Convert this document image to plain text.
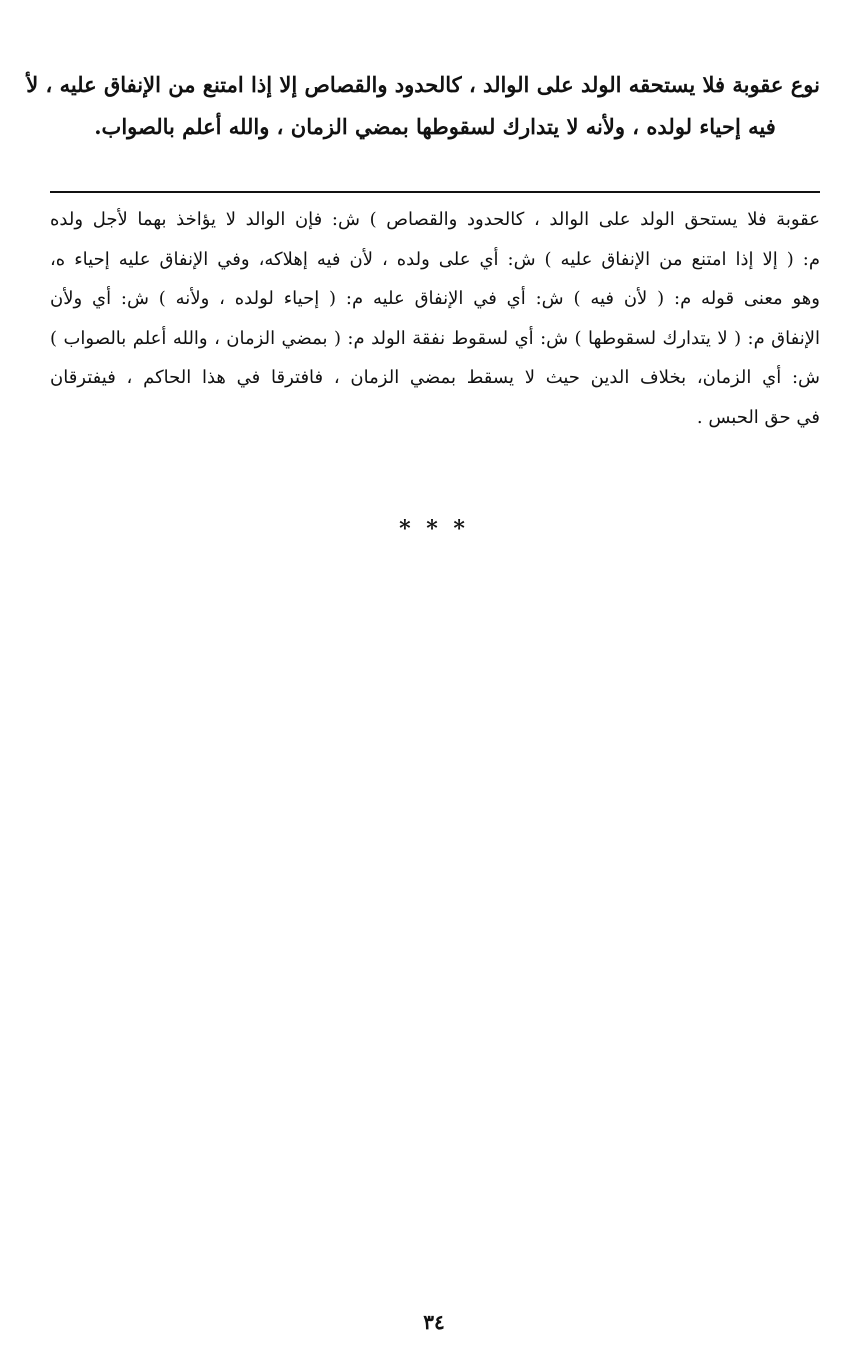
نوع عقوبة فلا يستحقه الولد على الوالد ، كالحدود والقصاص إلا إذا امتنع من الإنفاق عليه ، لأ
فيه إحياء لولده ، ولأنه لا يتدارك لسقوطها بمضي الزمان ، والله أعلم بالصواب.
عقوبة فلا يستحق الولد على الوالد ، كالحدود والقصاص ) ش: فإن الوالد لا يؤاخذ بهما لأجل ولده
م: ( إلا إذا امتنع من الإنفاق عليه ) ش: أي على ولده ، لأن فيه إهلاكه، وفي الإنفاق عليه إحياء ه،
وهو معنى قوله م: ( لأن فيه ) ش: أي في الإنفاق عليه م: ( إحياء لولده ، ولأنه ) ش: أي ولأن
الإنفاق م: ( لا يتدارك لسقوطها ) ش: أي لسقوط نفقة الولد م: ( بمضي الزمان ، والله أعلم بالصواب )
ش: أي الزمان، بخلاف الدين حيث لا يسقط بمضي الزمان ، فافترقا في هذا الحاكم ، فيفترقان
في حق الحبس .
* * *
٣٤
